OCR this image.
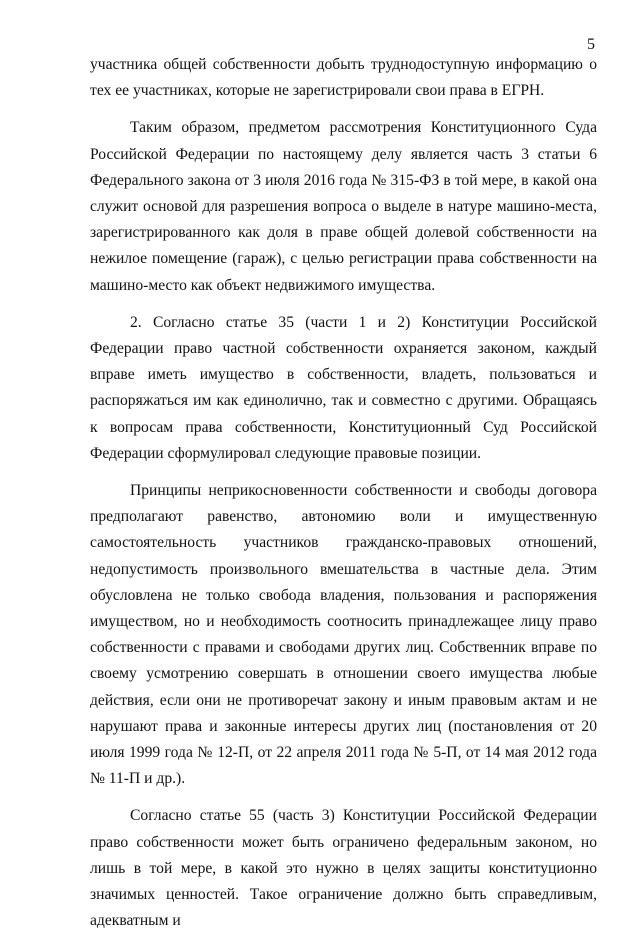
5

участника общей собственности добыть труднодоступную информацию о тех ее участниках, которые не зарегистрировали свои права в ЕГРН.

Таким образом, предметом рассмотрения Конституционного Суда Российской Федерации по настоящему делу является часть 3 статьи 6 Федерального закона от 3 июля 2016 года № 315-ФЗ в той мере, в какой она служит основой для разрешения вопроса о выделе в натуре машино-места, зарегистрированного как доля в праве общей долевой собственности на нежилое помещение (гараж), с целью регистрации права собственности на машино-место как объект недвижимого имущества.

2. Согласно статье 35 (части 1 и 2) Конституции Российской Федерации право частной собственности охраняется законом, каждый вправе иметь имущество в собственности, владеть, пользоваться и распоряжаться им как единолично, так и совместно с другими. Обращаясь к вопросам права собственности, Конституционный Суд Российской Федерации сформулировал следующие правовые позиции.

Принципы неприкосновенности собственности и свободы договора предполагают равенство, автономию воли и имущественную самостоятельность участников гражданско-правовых отношений, недопустимость произвольного вмешательства в частные дела. Этим обусловлена не только свобода владения, пользования и распоряжения имуществом, но и необходимость соотносить принадлежащее лицу право собственности с правами и свободами других лиц. Собственник вправе по своему усмотрению совершать в отношении своего имущества любые действия, если они не противоречат закону и иным правовым актам и не нарушают права и законные интересы других лиц (постановления от 20 июля 1999 года № 12-П, от 22 апреля 2011 года № 5-П, от 14 мая 2012 года № 11-П и др.).

Согласно статье 55 (часть 3) Конституции Российской Федерации право собственности может быть ограничено федеральным законом, но лишь в той мере, в какой это нужно в целях защиты конституционно значимых ценностей. Такое ограничение должно быть справедливым, адекватным и
